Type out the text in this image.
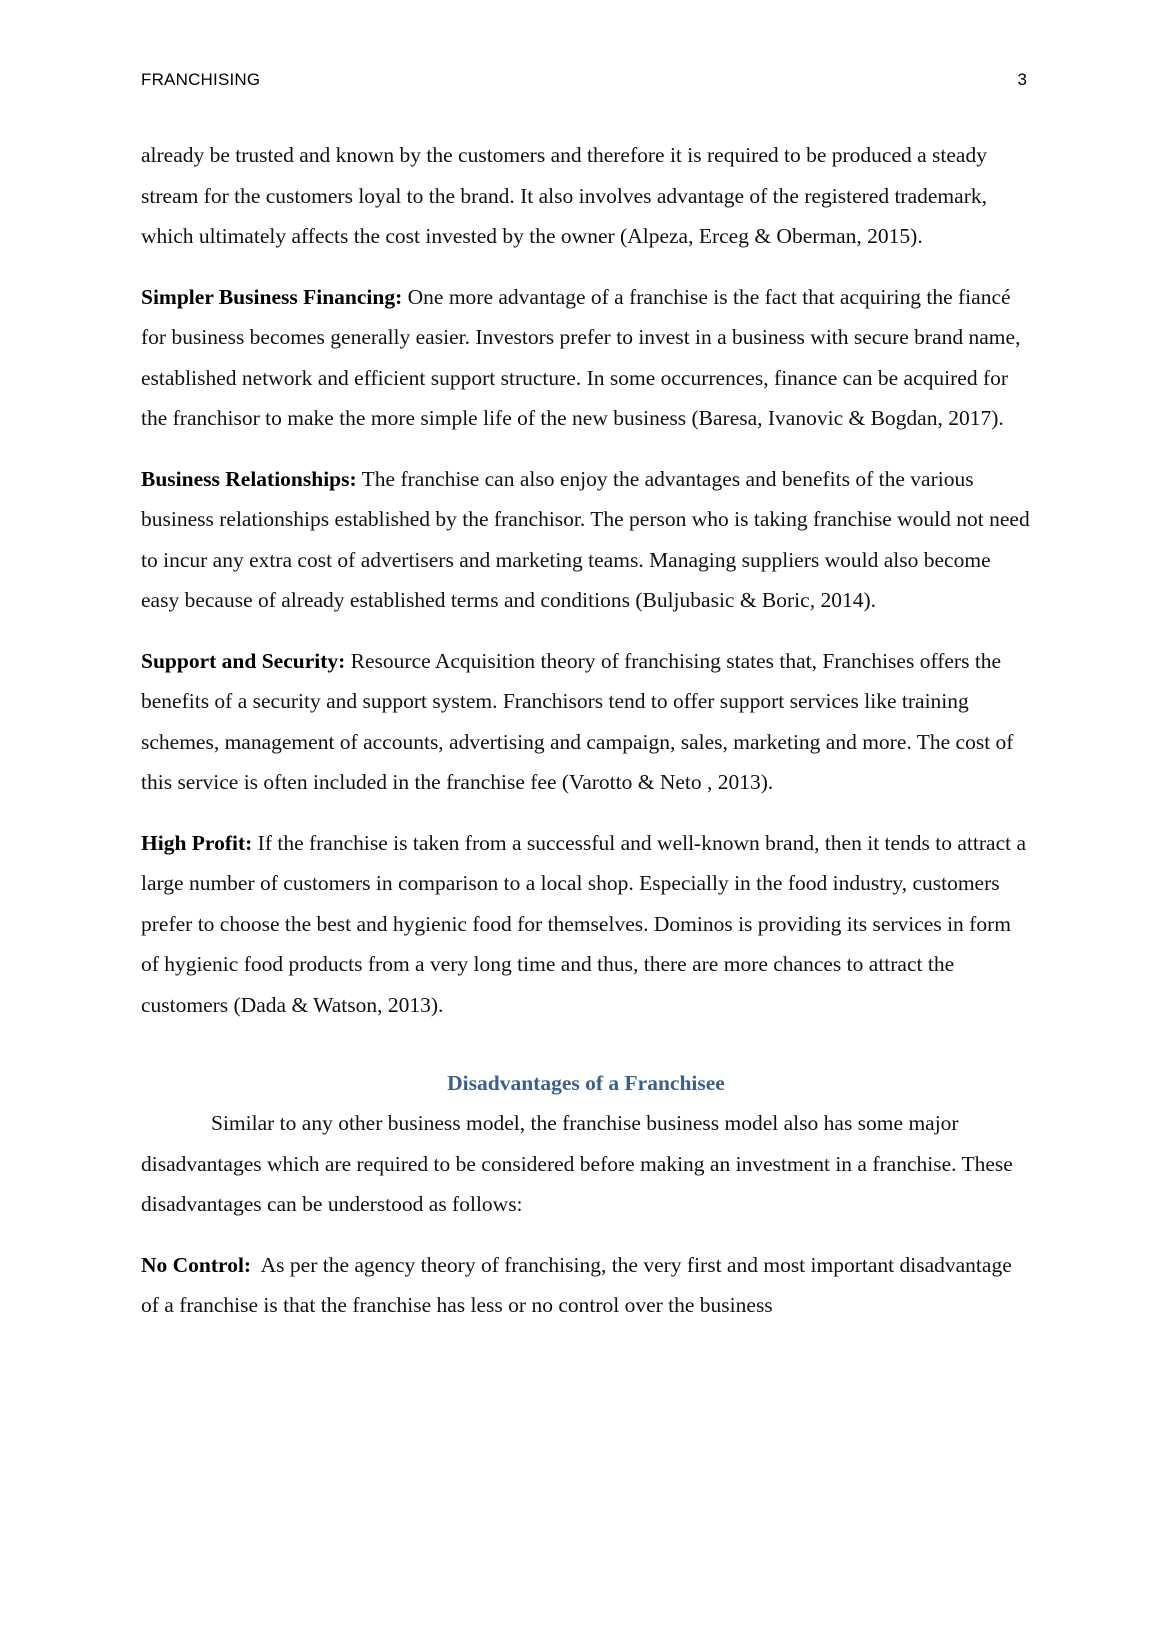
FRANCHISING	3

already be trusted and known by the customers and therefore it is required to be produced a steady stream for the customers loyal to the brand. It also involves advantage of the registered trademark, which ultimately affects the cost invested by the owner (Alpeza, Erceg & Oberman, 2015).

Simpler Business Financing: One more advantage of a franchise is the fact that acquiring the fiancé for business becomes generally easier. Investors prefer to invest in a business with secure brand name, established network and efficient support structure. In some occurrences, finance can be acquired for the franchisor to make the more simple life of the new business (Baresa, Ivanovic & Bogdan, 2017).

Business Relationships: The franchise can also enjoy the advantages and benefits of the various business relationships established by the franchisor. The person who is taking franchise would not need to incur any extra cost of advertisers and marketing teams. Managing suppliers would also become easy because of already established terms and conditions (Buljubasic & Boric, 2014).

Support and Security: Resource Acquisition theory of franchising states that, Franchises offers the benefits of a security and support system. Franchisors tend to offer support services like training schemes, management of accounts, advertising and campaign, sales, marketing and more. The cost of this service is often included in the franchise fee (Varotto & Neto , 2013).

High Profit: If the franchise is taken from a successful and well-known brand, then it tends to attract a large number of customers in comparison to a local shop. Especially in the food industry, customers prefer to choose the best and hygienic food for themselves. Dominos is providing its services in form of hygienic food products from a very long time and thus, there are more chances to attract the customers (Dada & Watson, 2013).

Disadvantages of a Franchisee

Similar to any other business model, the franchise business model also has some major disadvantages which are required to be considered before making an investment in a franchise. These disadvantages can be understood as follows:

No Control:  As per the agency theory of franchising, the very first and most important disadvantage of a franchise is that the franchise has less or no control over the business
